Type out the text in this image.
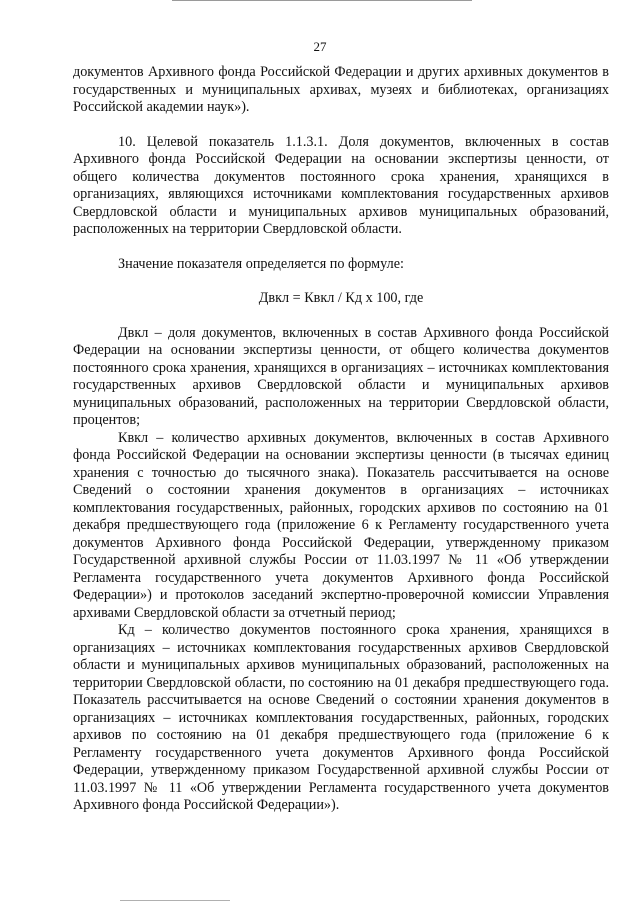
27

документов Архивного фонда Российской Федерации и других архивных документов в государственных и муниципальных архивах, музеях и библиотеках, организациях Российской академии наук»).

10. Целевой показатель 1.1.3.1. Доля документов, включенных в состав Архивного фонда Российской Федерации на основании экспертизы ценности, от общего количества документов постоянного срока хранения, хранящихся в организациях, являющихся источниками комплектования государственных архивов Свердловской области и муниципальных архивов муниципальных образований, расположенных на территории Свердловской области.

Значение показателя определяется по формуле:

Двкл = Квкл / Кд х 100, где

Двкл – доля документов, включенных в состав Архивного фонда Российской Федерации на основании экспертизы ценности, от общего количества документов постоянного срока хранения, хранящихся в организациях – источниках комплектования государственных архивов Свердловской области и муниципальных архивов муниципальных образований, расположенных на территории Свердловской области, процентов;

Квкл – количество архивных документов, включенных в состав Архивного фонда Российской Федерации на основании экспертизы ценности (в тысячах единиц хранения с точностью до тысячного знака). Показатель рассчитывается на основе Сведений о состоянии хранения документов в организациях – источниках комплектования государственных, районных, городских архивов по состоянию на 01 декабря предшествующего года (приложение 6 к Регламенту государственного учета документов Архивного фонда Российской Федерации, утвержденному приказом Государственной архивной службы России от 11.03.1997 № 11 «Об утверждении Регламента государственного учета документов Архивного фонда Российской Федерации») и протоколов заседаний экспертно-проверочной комиссии Управления архивами Свердловской области за отчетный период;

Кд – количество документов постоянного срока хранения, хранящихся в организациях – источниках комплектования государственных архивов Свердловской области и муниципальных архивов муниципальных образований, расположенных на территории Свердловской области, по состоянию на 01 декабря предшествующего года. Показатель рассчитывается на основе Сведений о состоянии хранения документов в организациях – источниках комплектования государственных, районных, городских архивов по состоянию на 01 декабря предшествующего года (приложение 6 к Регламенту государственного учета документов Архивного фонда Российской Федерации, утвержденному приказом Государственной архивной службы России от 11.03.1997 № 11 «Об утверждении Регламента государственного учета документов Архивного фонда Российской Федерации»).
